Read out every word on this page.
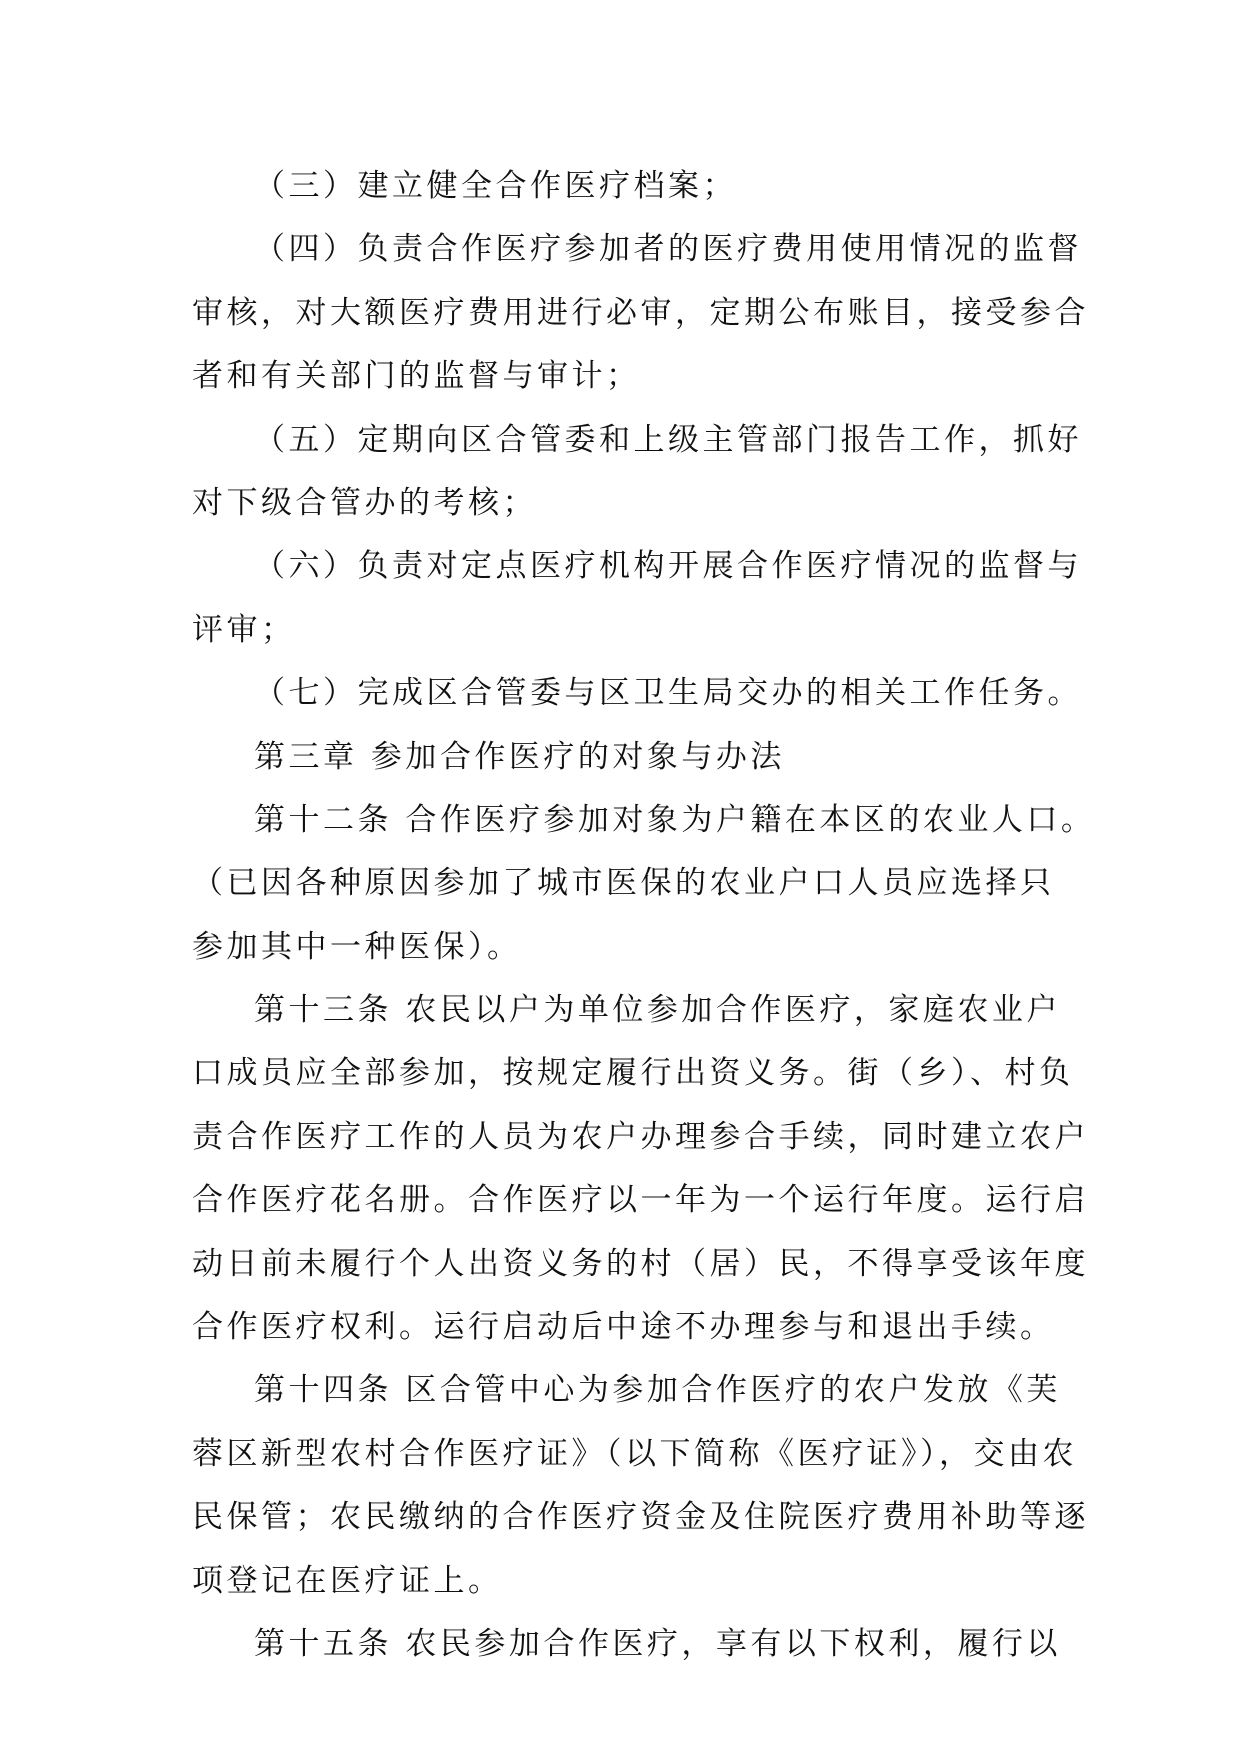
（三）建立健全合作医疗档案；
（四）负责合作医疗参加者的医疗费用使用情况的监督
审核，对大额医疗费用进行必审，定期公布账目，接受参合
者和有关部门的监督与审计；
（五）定期向区合管委和上级主管部门报告工作，抓好
对下级合管办的考核；
（六）负责对定点医疗机构开展合作医疗情况的监督与
评审；
（七）完成区合管委与区卫生局交办的相关工作任务。
第三章 参加合作医疗的对象与办法
第十二条 合作医疗参加对象为户籍在本区的农业人口。
（已因各种原因参加了城市医保的农业户口人员应选择只
参加其中一种医保）。
第十三条 农民以户为单位参加合作医疗，家庭农业户
口成员应全部参加，按规定履行出资义务。街（乡）、村负
责合作医疗工作的人员为农户办理参合手续，同时建立农户
合作医疗花名册。合作医疗以一年为一个运行年度。运行启
动日前未履行个人出资义务的村（居）民，不得享受该年度
合作医疗权利。运行启动后中途不办理参与和退出手续。
第十四条 区合管中心为参加合作医疗的农户发放《芙
蓉区新型农村合作医疗证》（以下简称《医疗证》），交由农
民保管；农民缴纳的合作医疗资金及住院医疗费用补助等逐
项登记在医疗证上。
第十五条 农民参加合作医疗，享有以下权利，履行以
